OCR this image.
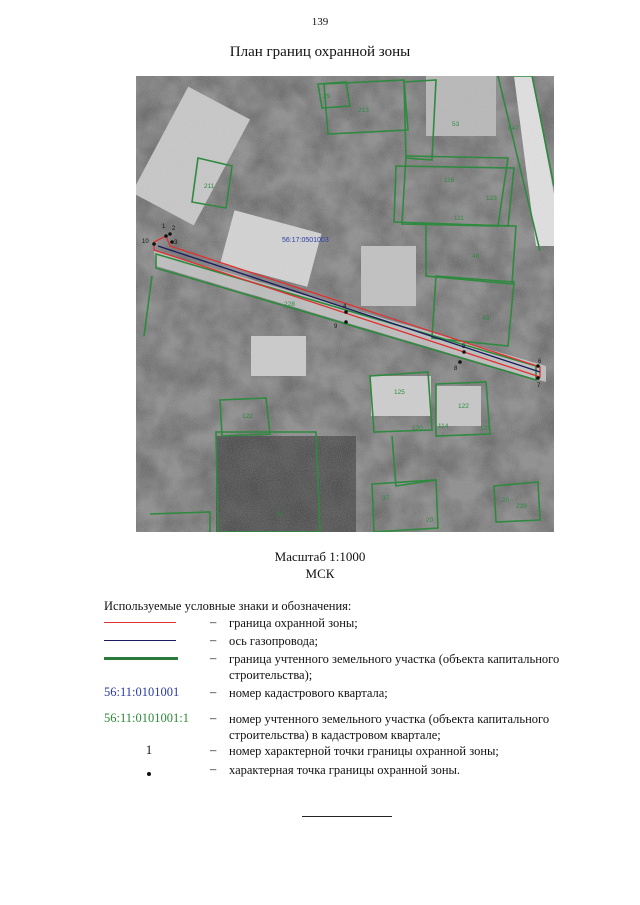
139
План границ охранной зоны
29
213
53
847
211
116
123
111
48
43
228
125
122
120 114	125
122
37
20
31
20
239
56:17:0501003
1 2
3
4
9
5
6
7
8
10
Масштаб 1:1000
МСК
Используемые условные знаки и обозначения:
– граница охранной зоны;
– ось газопровода;
– граница учтенного земельного участка (объекта капитального строительства);
56:11:0101001	– номер кадастрового квартала;
56:11:0101001:1	– номер учтенного земельного участка (объекта капитального строительства) в кадастровом квартале;
1	– номер характерной точки границы охранной зоны;
– характерная точка границы охранной зоны.
